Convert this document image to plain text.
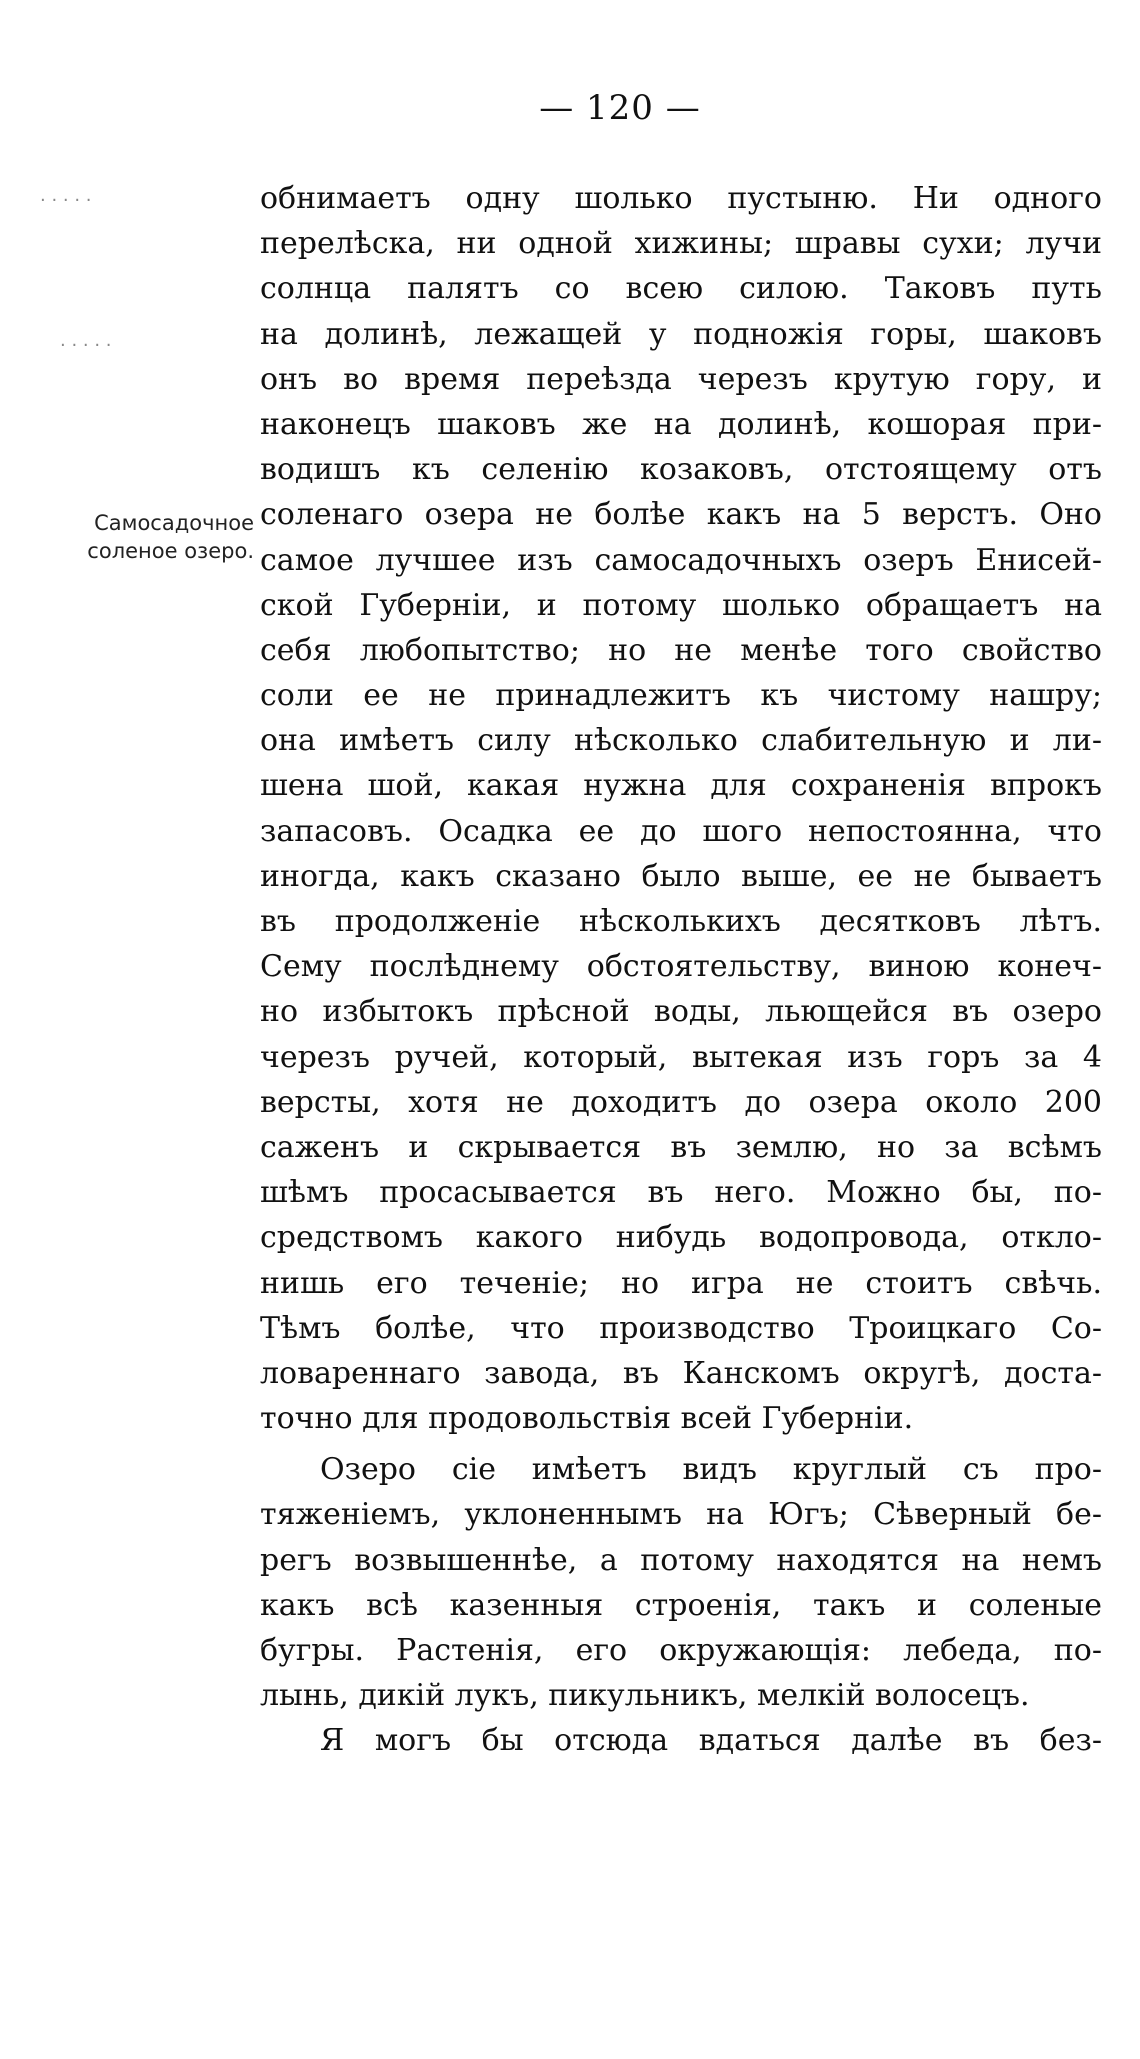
— 120 —
Самосадочное
соленое озеро.
· · · · ·
· · · · ·
обнимаетъ одну шолько пустыню. Ни одного
перелѣска, ни одной хижины; шравы сухи; лучи
солнца палятъ со всею силою. Таковъ путь
на долинѣ, лежащей у подножія горы, шаковъ
онъ во время переѣзда черезъ крутую гору, и
наконецъ шаковъ же на долинѣ, кошорая при-
водишъ къ селенію козаковъ, отстоящему отъ
соленаго озера не болѣе какъ на 5 верстъ. Оно
самое лучшее изъ самосадочныхъ озеръ Енисей-
ской Губерніи, и потому шолько обращаетъ на
себя любопытство; но не менѣе того свойство
соли ее не принадлежитъ къ чистому нашру;
она имѣетъ силу нѣсколько слабительную и ли-
шена шой, какая нужна для сохраненія впрокъ
запасовъ. Осадка ее до шого непостоянна, что
иногда, какъ сказано было выше, ее не бываетъ
въ продолженіе нѣсколькихъ десятковъ лѣтъ.
Сему послѣднему обстоятельству, виною конеч-
но избытокъ прѣсной воды, льющейся въ озеро
черезъ ручей, который, вытекая изъ горъ за 4
версты, хотя не доходитъ до озера около 200
саженъ и скрывается въ землю, но за всѣмъ
шѣмъ просасывается въ него. Можно бы, по-
средствомъ какого нибудь водопровода, отклo-
нишь его теченіе; но игра не стоитъ свѣчь.
Тѣмъ болѣе, что производство Троицкаго Со-
ловареннаго завода, въ Канскомъ округѣ, доста-
точно для продовольствія всей Губерніи.
Озеро сіе имѣетъ видъ круглый съ про-
тяженіемъ, уклоненнымъ на Югъ; Сѣверный бе-
регъ возвышеннѣе, а потому находятся на немъ
какъ всѣ казенныя строенія, такъ и соленые
бугры. Растенія, его окружающія: лебеда, по-
лынь, дикій лукъ, пикульникъ, мелкій волосецъ.
Я могъ бы отсюда вдаться далѣе въ без-
